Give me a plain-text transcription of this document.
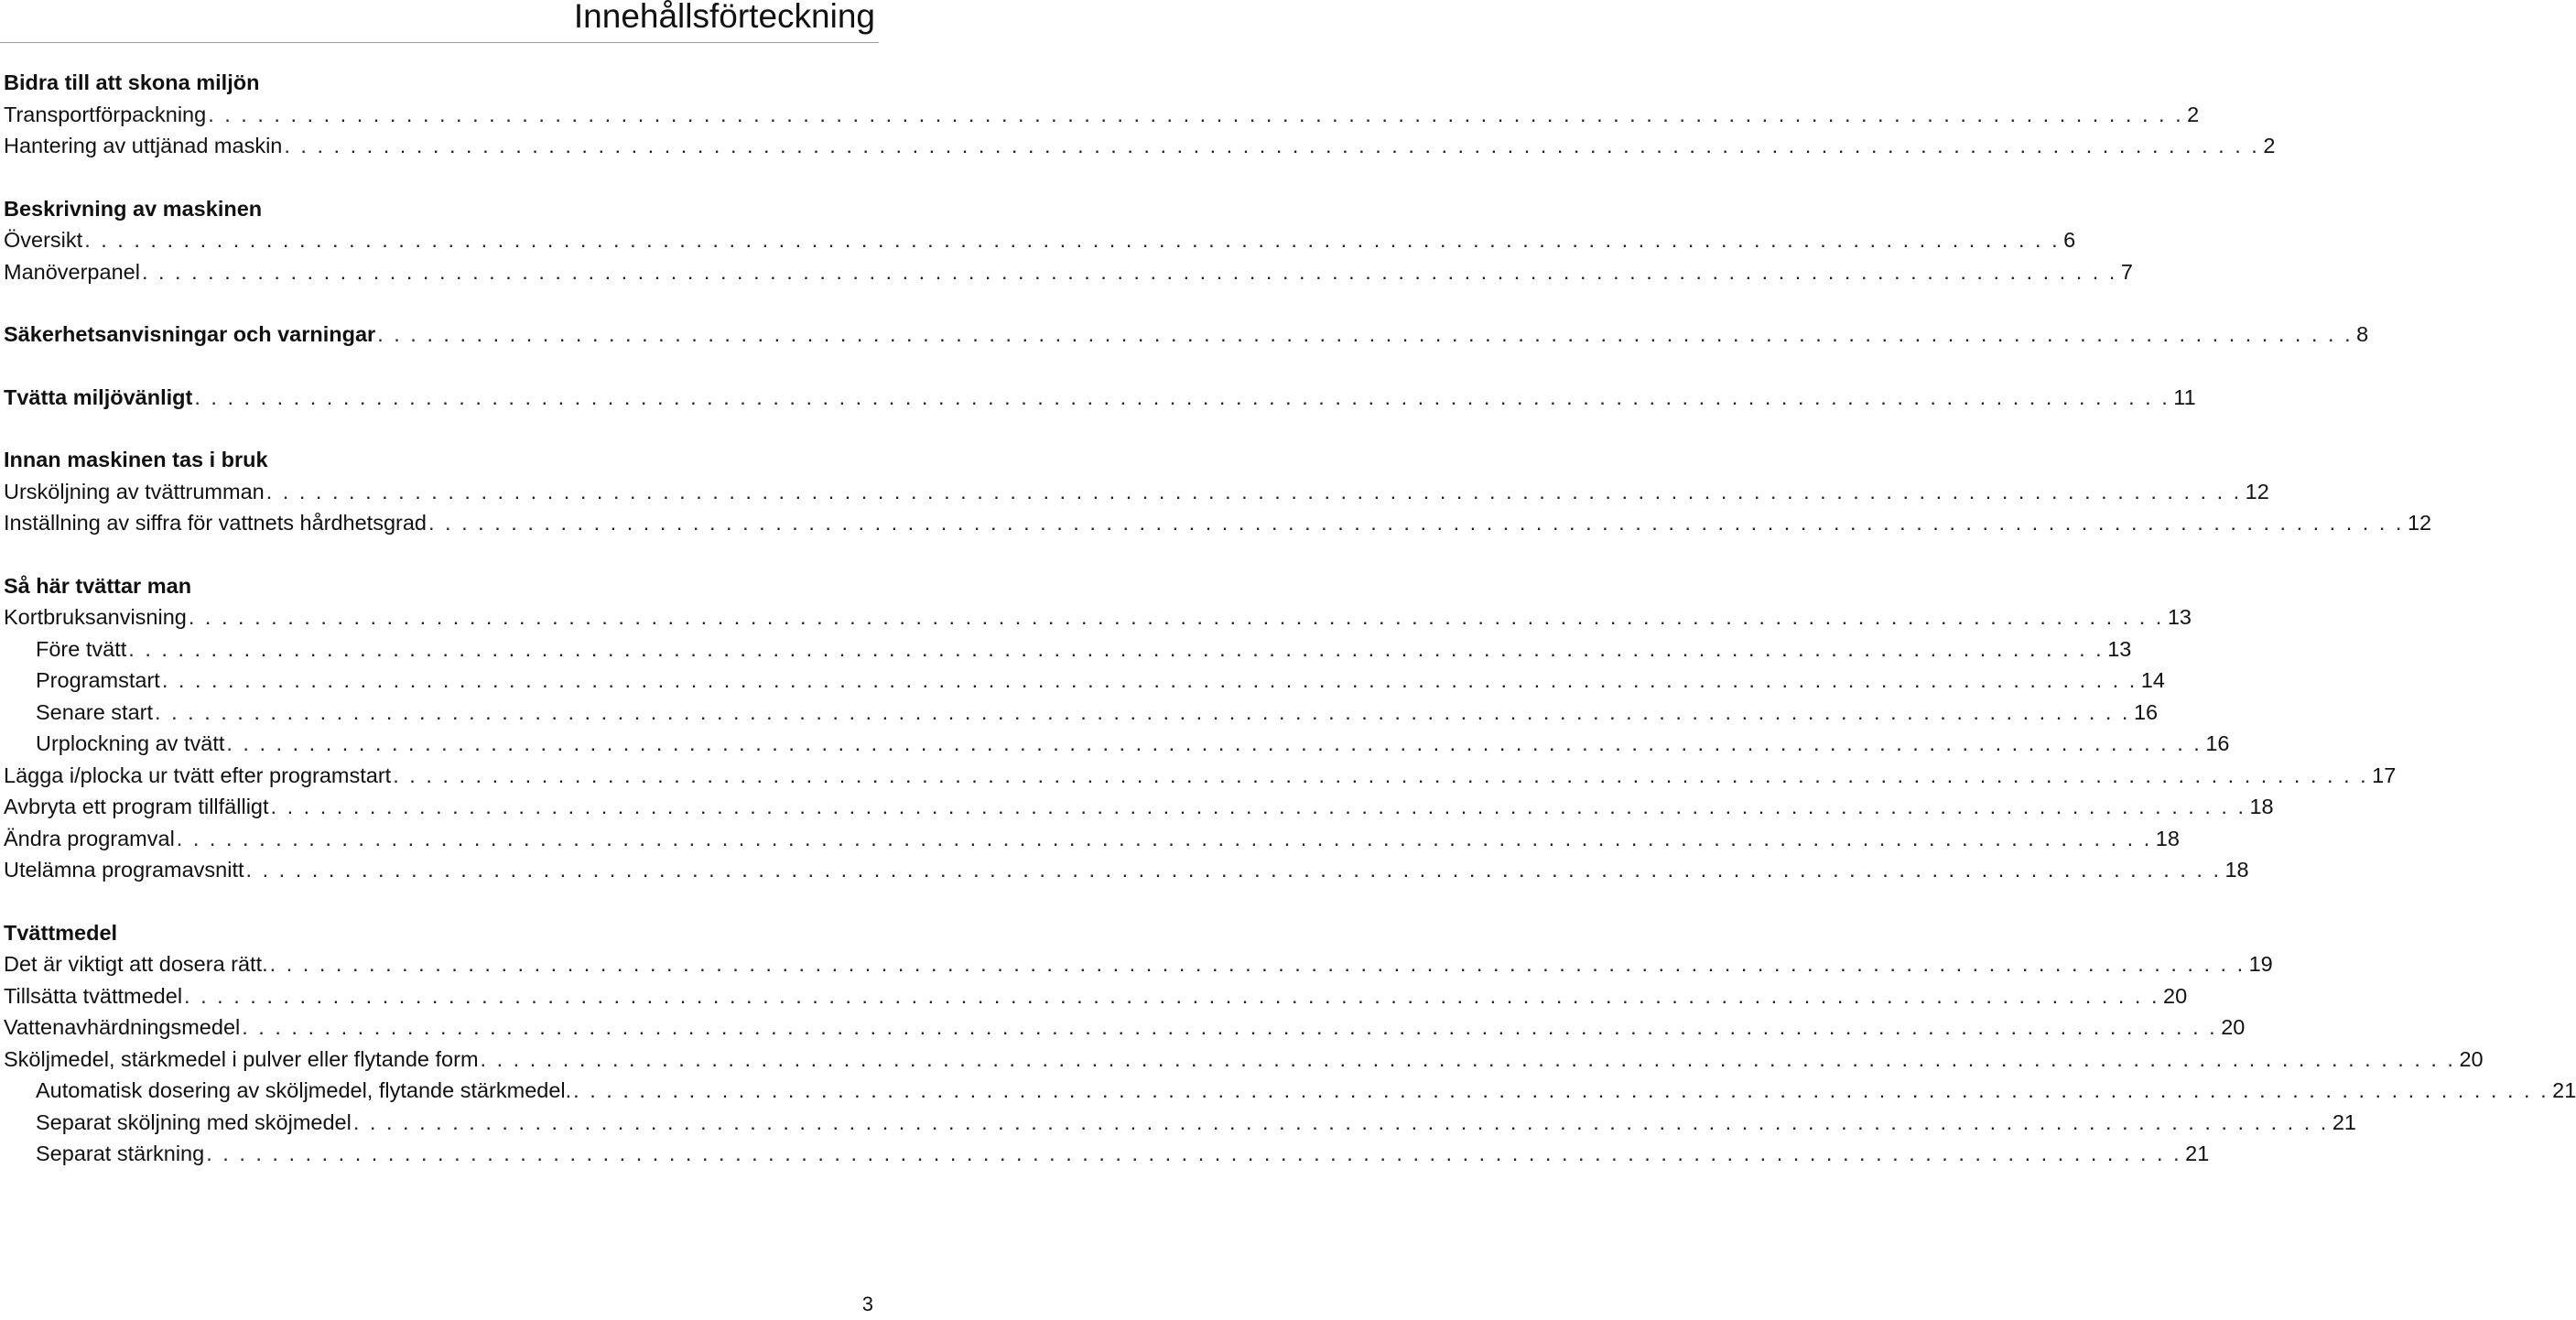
Innehållsförteckning
Bidra till att skona miljön
Transportförpackning . . . . . . . . . . . . . . . . . . . . . . . . . . . . . . . . . . . . . . . . . . . . . . . . . . . . . . . . . . . . . . . . . . . . . . . . . . . . . . . . . . . . . . . . . . . . . . . . . . . . . . . . . . . . . . . . . . . . . . . . 2
Hantering av uttjänad maskin . . . . . . . . . . . . . . . . . . . . . . . . . . . . . . . . . . . . . . . . . . . . . . . . . . . . . . . . . . . . . . . . . . . . . . . . . . . . . . . . . . . . . . . . . . . . . . . . . . . . . . . . . . . . . . . . . . . . . . . . 2
Beskrivning av maskinen
Översikt . . . . . . . . . . . . . . . . . . . . . . . . . . . . . . . . . . . . . . . . . . . . . . . . . . . . . . . . . . . . . . . . . . . . . . . . . . . . . . . . . . . . . . . . . . . . . . . . . . . . . . . . . . . . . . . . . . . . . . . . 6
Manöverpanel . . . . . . . . . . . . . . . . . . . . . . . . . . . . . . . . . . . . . . . . . . . . . . . . . . . . . . . . . . . . . . . . . . . . . . . . . . . . . . . . . . . . . . . . . . . . . . . . . . . . . . . . . . . . . . . . . . . . . . . . 7
Säkerhetsanvisningar och varningar . . . . . . . . . . . . . . . . . . . . . . . . . . . . . . . . . . . . . . . . . . . . . . . . . . . . . . . . . . . . . . . . . . . . . . . . . . . . . . . . . . . . . . . . . . . . . . . . . . . . . . . . . . . . . . . . . . . . . . . . 8
Tvätta miljövänligt . . . . . . . . . . . . . . . . . . . . . . . . . . . . . . . . . . . . . . . . . . . . . . . . . . . . . . . . . . . . . . . . . . . . . . . . . . . . . . . . . . . . . . . . . . . . . . . . . . . . . . . . . . . . . . . . . . . . . . . . 11
Innan maskinen tas i bruk
Ursköljning av tvättrumman . . . . . . . . . . . . . . . . . . . . . . . . . . . . . . . . . . . . . . . . . . . . . . . . . . . . . . . . . . . . . . . . . . . . . . . . . . . . . . . . . . . . . . . . . . . . . . . . . . . . . . . . . . . . . . . . . . . . . . . . 12
Inställning av siffra för vattnets hårdhetsgrad . . . . . . . . . . . . . . . . . . . . . . . . . . . . . . . . . . . . . . . . . . . . . . . . . . . . . . . . . . . . . . . . . . . . . . . . . . . . . . . . . . . . . . . . . . . . . . . . . . . . . . . . . . . . . . . . . . . . . . . . 12
Så här tvättar man
Kortbruksanvisning . . . . . . . . . . . . . . . . . . . . . . . . . . . . . . . . . . . . . . . . . . . . . . . . . . . . . . . . . . . . . . . . . . . . . . . . . . . . . . . . . . . . . . . . . . . . . . . . . . . . . . . . . . . . . . . . . . . . . . . . 13
Före tvätt . . . . . . . . . . . . . . . . . . . . . . . . . . . . . . . . . . . . . . . . . . . . . . . . . . . . . . . . . . . . . . . . . . . . . . . . . . . . . . . . . . . . . . . . . . . . . . . . . . . . . . . . . . . . . . . . . . . . . . . . 13
Programstart . . . . . . . . . . . . . . . . . . . . . . . . . . . . . . . . . . . . . . . . . . . . . . . . . . . . . . . . . . . . . . . . . . . . . . . . . . . . . . . . . . . . . . . . . . . . . . . . . . . . . . . . . . . . . . . . . . . . . . . . 14
Senare start . . . . . . . . . . . . . . . . . . . . . . . . . . . . . . . . . . . . . . . . . . . . . . . . . . . . . . . . . . . . . . . . . . . . . . . . . . . . . . . . . . . . . . . . . . . . . . . . . . . . . . . . . . . . . . . . . . . . . . . . 16
Urplockning av tvätt . . . . . . . . . . . . . . . . . . . . . . . . . . . . . . . . . . . . . . . . . . . . . . . . . . . . . . . . . . . . . . . . . . . . . . . . . . . . . . . . . . . . . . . . . . . . . . . . . . . . . . . . . . . . . . . . . . . . . . . . 16
Lägga i/plocka ur tvätt efter programstart . . . . . . . . . . . . . . . . . . . . . . . . . . . . . . . . . . . . . . . . . . . . . . . . . . . . . . . . . . . . . . . . . . . . . . . . . . . . . . . . . . . . . . . . . . . . . . . . . . . . . . . . . . . . . . . . . . . . . . . . 17
Avbryta ett program tillfälligt . . . . . . . . . . . . . . . . . . . . . . . . . . . . . . . . . . . . . . . . . . . . . . . . . . . . . . . . . . . . . . . . . . . . . . . . . . . . . . . . . . . . . . . . . . . . . . . . . . . . . . . . . . . . . . . . . . . . . . . . 18
Ändra programval . . . . . . . . . . . . . . . . . . . . . . . . . . . . . . . . . . . . . . . . . . . . . . . . . . . . . . . . . . . . . . . . . . . . . . . . . . . . . . . . . . . . . . . . . . . . . . . . . . . . . . . . . . . . . . . . . . . . . . . . 18
Utelämna programavsnitt . . . . . . . . . . . . . . . . . . . . . . . . . . . . . . . . . . . . . . . . . . . . . . . . . . . . . . . . . . . . . . . . . . . . . . . . . . . . . . . . . . . . . . . . . . . . . . . . . . . . . . . . . . . . . . . . . . . . . . . . 18
Tvättmedel
Det är viktigt att dosera rätt. . . . . . . . . . . . . . . . . . . . . . . . . . . . . . . . . . . . . . . . . . . . . . . . . . . . . . . . . . . . . . . . . . . . . . . . . . . . . . . . . . . . . . . . . . . . . . . . . . . . . . . . . . . . . . . . . . . . . . . . . 19
Tillsätta tvättmedel . . . . . . . . . . . . . . . . . . . . . . . . . . . . . . . . . . . . . . . . . . . . . . . . . . . . . . . . . . . . . . . . . . . . . . . . . . . . . . . . . . . . . . . . . . . . . . . . . . . . . . . . . . . . . . . . . . . . . . . . 20
Vattenavhärdningsmedel . . . . . . . . . . . . . . . . . . . . . . . . . . . . . . . . . . . . . . . . . . . . . . . . . . . . . . . . . . . . . . . . . . . . . . . . . . . . . . . . . . . . . . . . . . . . . . . . . . . . . . . . . . . . . . . . . . . . . . . . 20
Sköljmedel, stärkmedel i pulver eller flytande form . . . . . . . . . . . . . . . . . . . . . . . . . . . . . . . . . . . . . . . . . . . . . . . . . . . . . . . . . . . . . . . . . . . . . . . . . . . . . . . . . . . . . . . . . . . . . . . . . . . . . . . . . . . . . . . . . . . . . . . . 20
Automatisk dosering av sköljmedel, flytande stärkmedel. . . . . . . . . . . . . . . . . . . . . . . . . . . . . . . . . . . . . . . . . . . . . . . . . . . . . . . . . . . . . . . . . . . . . . . . . . . . . . . . . . . . . . . . . . . . . . . . . . . . . . . . . . . . . . . . . . . . . . . . . 21
Separat sköljning med sköjmedel . . . . . . . . . . . . . . . . . . . . . . . . . . . . . . . . . . . . . . . . . . . . . . . . . . . . . . . . . . . . . . . . . . . . . . . . . . . . . . . . . . . . . . . . . . . . . . . . . . . . . . . . . . . . . . . . . . . . . . . . 21
Separat stärkning . . . . . . . . . . . . . . . . . . . . . . . . . . . . . . . . . . . . . . . . . . . . . . . . . . . . . . . . . . . . . . . . . . . . . . . . . . . . . . . . . . . . . . . . . . . . . . . . . . . . . . . . . . . . . . . . . . . . . . . . 21
3
